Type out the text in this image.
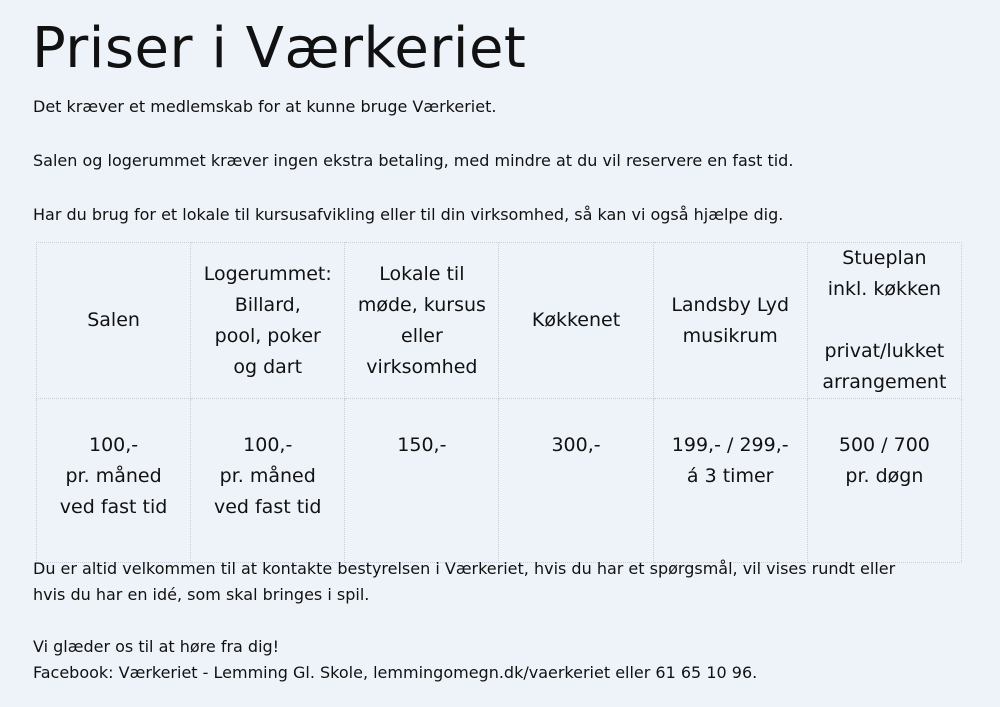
Priser i Værkeriet

Det kræver et medlemskab for at kunne bruge Værkeriet.

Salen og logerummet kræver ingen ekstra betaling, med mindre at du vil reservere en fast tid.

Har du brug for et lokale til kursusafvikling eller til din virksomhed, så kan vi også hjælpe dig.

Salen	Logerummet:
Billard,
pool, poker
og dart	Lokale til
møde, kursus
eller
virksomhed	Køkkenet	Landsby Lyd
musikrum	Stueplan
inkl. køkken
privat/lukket
arrangement

100,-
pr. måned
ved fast tid	100,-
pr. måned
ved fast tid	150,-	300,-	199,- / 299,-
á 3 timer	500 / 700
pr. døgn

Du er altid velkommen til at kontakte bestyrelsen i Værkeriet, hvis du har et spørgsmål, vil vises rundt eller

hvis du har en idé, som skal bringes i spil.

Vi glæder os til at høre fra dig!

Facebook: Værkeriet - Lemming Gl. Skole, lemmingomegn.dk/vaerkeriet eller 61 65 10 96.
